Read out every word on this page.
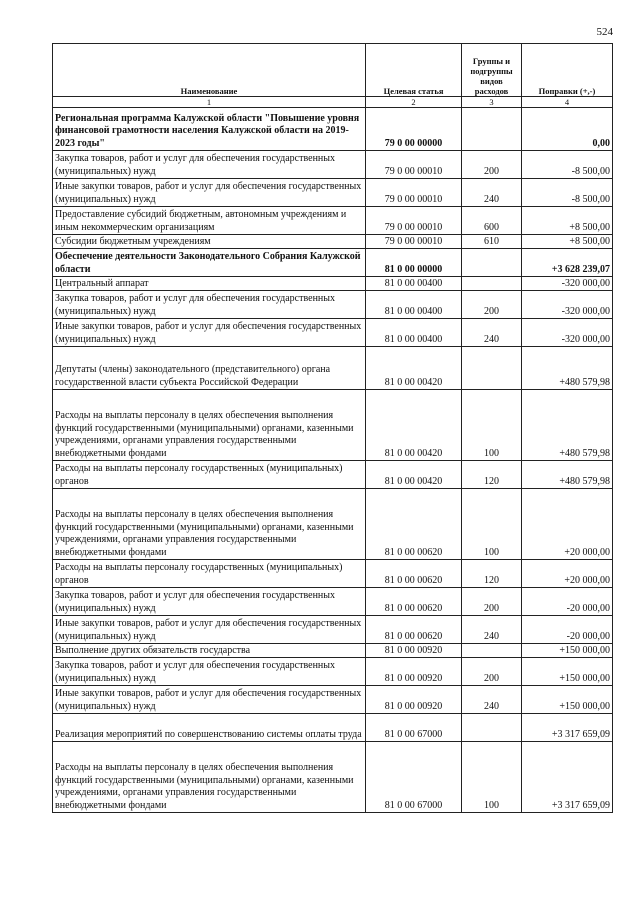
524
Наименование	Целевая статья	Группы и подгруппы видов расходов	Поправки (+,-)
1	2	3	4
Региональная программа Калужской области "Повышение уровня финансовой грамотности населения Калужской области на 2019-2023 годы"	79 0 00 00000		0,00
Закупка товаров, работ и услуг для обеспечения государственных (муниципальных) нужд	79 0 00 00010	200	-8 500,00
Иные закупки товаров, работ и услуг для обеспечения государственных (муниципальных) нужд	79 0 00 00010	240	-8 500,00
Предоставление субсидий бюджетным, автономным учреждениям и иным некоммерческим организациям	79 0 00 00010	600	+8 500,00
Субсидии бюджетным учреждениям	79 0 00 00010	610	+8 500,00
Обеспечение деятельности Законодательного Собрания Калужской области	81 0 00 00000		+3 628 239,07
Центральный аппарат	81 0 00 00400		-320 000,00
Закупка товаров, работ и услуг для обеспечения государственных (муниципальных) нужд	81 0 00 00400	200	-320 000,00
Иные закупки товаров, работ и услуг для обеспечения государственных (муниципальных) нужд	81 0 00 00400	240	-320 000,00
Депутаты (члены) законодательного (представительного) органа государственной власти субъекта Российской Федерации	81 0 00 00420		+480 579,98
Расходы на выплаты персоналу в целях обеспечения выполнения функций государственными (муниципальными) органами, казенными учреждениями, органами управления государственными внебюджетными фондами	81 0 00 00420	100	+480 579,98
Расходы на выплаты персоналу государственных (муниципальных) органов	81 0 00 00420	120	+480 579,98
Расходы на выплаты персоналу в целях обеспечения выполнения функций государственными (муниципальными) органами, казенными учреждениями, органами управления государственными внебюджетными фондами	81 0 00 00620	100	+20 000,00
Расходы на выплаты персоналу государственных (муниципальных) органов	81 0 00 00620	120	+20 000,00
Закупка товаров, работ и услуг для обеспечения государственных (муниципальных) нужд	81 0 00 00620	200	-20 000,00
Иные закупки товаров, работ и услуг для обеспечения государственных (муниципальных) нужд	81 0 00 00620	240	-20 000,00
Выполнение других обязательств государства	81 0 00 00920		+150 000,00
Закупка товаров, работ и услуг для обеспечения государственных (муниципальных) нужд	81 0 00 00920	200	+150 000,00
Иные закупки товаров, работ и услуг для обеспечения государственных (муниципальных) нужд	81 0 00 00920	240	+150 000,00
Реализация мероприятий по совершенствованию системы оплаты труда	81 0 00 67000		+3 317 659,09
Расходы на выплаты персоналу в целях обеспечения выполнения функций государственными (муниципальными) органами, казенными учреждениями, органами управления государственными внебюджетными фондами	81 0 00 67000	100	+3 317 659,09
